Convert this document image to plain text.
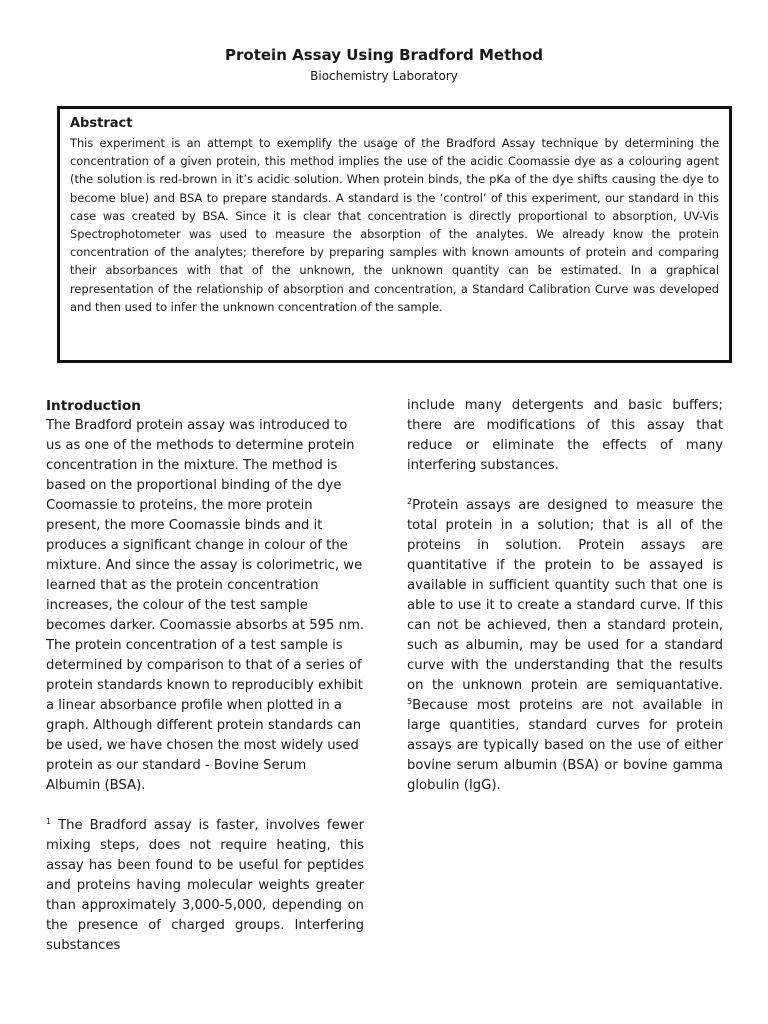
Protein Assay Using Bradford Method
Biochemistry Laboratory
Abstract
This experiment is an attempt to exemplify the usage of the Bradford Assay technique by determining the concentration of a given protein, this method implies the use of the acidic Coomassie dye as a colouring agent (the solution is red-brown in it’s acidic solution. When protein binds, the pKa of the dye shifts causing the dye to become blue) and BSA to prepare standards. A standard is the ‘control’ of this experiment, our standard in this case was created by BSA. Since it is clear that concentration is directly proportional to absorption, UV-Vis Spectrophotometer was used to measure the absorption of the analytes. We already know the protein concentration of the analytes; therefore by preparing samples with known amounts of protein and comparing their absorbances with that of the unknown, the unknown quantity can be estimated. In a graphical representation of the relationship of absorption and concentration, a Standard Calibration Curve was developed and then used to infer the unknown concentration of the sample.
Introduction

The Bradford protein assay was introduced to us as one of the methods to determine protein concentration in the mixture. The method is based on the proportional binding of the dye Coomassie to proteins, the more protein present, the more Coomassie binds and it produces a significant change in colour of the mixture. And since the assay is colorimetric, we learned that as the protein concentration increases, the colour of the test sample becomes darker. Coomassie absorbs at 595 nm. The protein concentration of a test sample is determined by comparison to that of a series of protein standards known to reproducibly exhibit a linear absorbance profile when plotted in a graph. Although different protein standards can be used, we have chosen the most widely used protein as our standard - Bovine Serum Albumin (BSA).

$^1$ The Bradford assay is faster, involves fewer mixing steps, does not require heating, this assay has been found to be useful for peptides and proteins having molecular weights greater than approximately 3,000-5,000, depending on the presence of charged groups. Interfering substances

include many detergents and basic buffers; there are modifications of this assay that reduce or eliminate the effects of many interfering substances.

$^2$Protein assays are designed to measure the total protein in a solution; that is all of the proteins in solution. Protein assays are quantitative if the protein to be assayed is available in sufficient quantity such that one is able to use it to create a standard curve. If this can not be achieved, then a standard protein, such as albumin, may be used for a standard curve with the understanding that the results on the unknown protein are semiquantative. $^5$Because most proteins are not available in large quantities, standard curves for protein assays are typically based on the use of either bovine serum albumin (BSA) or bovine gamma globulin (IgG).
